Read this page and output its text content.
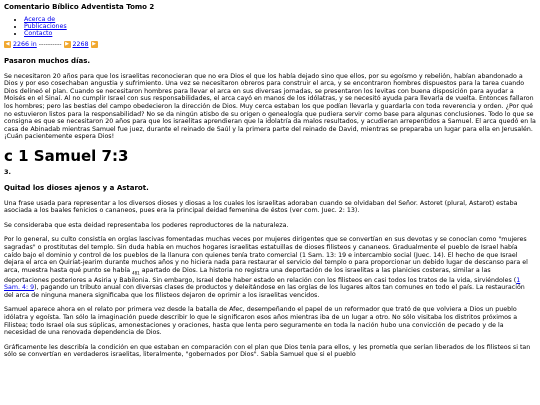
Comentario Bíblico Adventista Tomo 2
• Acerca de
• Publicaciones
• Contacto
◀ 2266 in ---------- ▶ 2268 ▶
Pasaron muchos días.

Se necesitaron 20 años para que los israelitas reconocieran que no era Dios el que los había dejado sino que ellos, por su egoísmo y rebelión, habían abandonado a Dios y por eso cosechaban angustia y sufrimiento. Una vez se necesitaron obreros para construir el arca, y se encontraron hombres dispuestos para la tarea cuando Dios delineó el plan. Cuando se necesitaron hombres para llevar el arca en sus diversas jornadas, se presentaron los levitas con buena disposición para ayudar a Moisés en el Sinaí. Al no cumplir Israel con sus responsabilidades, el arca cayó en manos de los idólatras, y se necesitó ayuda para llevarla de vuelta. Entonces fallaron los hombres; pero las bestias del campo obedecieron la dirección de Dios. Muy cerca estaban los que podían llevarla y guardarla con toda reverencia y orden. ¿Por qué no estuvieron listos para la responsabilidad? No se da ningún atisbo de su origen o genealogía que pudiera servir como base para algunas conclusiones. Todo lo que se consigna es que se necesitaron 20 años para que los israelitas aprendieran que la idolatría da malos resultados, y acudieran arrepentidos a Samuel. El arca quedó en la casa de Abinadab mientras Samuel fue juez, durante el reinado de Saúl y la primera parte del reinado de David, mientras se preparaba un lugar para ella en Jerusalén. ¡Cuán pacientemente espera Dios!

c 1 Samuel 7:3
3.
Quitad los dioses ajenos y a Astarot.

Una frase usada para representar a los diversos dioses y diosas a los cuales los israelitas adoraban cuando se olvidaban del Señor. Astoret (plural, Astarot) estaba asociada a los baales fenicios o cananeos, pues era la principal deidad femenina de éstos (ver com. Juec. 2: 13).

Se consideraba que esta deidad representaba los poderes reproductores de la naturaleza.

Por lo general, su culto consistía en orgías lascivas fomentadas muchas veces por mujeres dirigentes que se convertían en sus devotas y se conocían como "mujeres sagradas" o prostitutas del templo. Sin duda había en muchos hogares israelitas estatuillas de dioses filisteos y cananeos. Gradualmente el pueblo de Israel había caído bajo el dominio y control de los pueblos de la llanura con quienes tenía trato comercial (1 Sam. 13: 19 e intercambio social (Juec. 14). El hecho de que Israel dejara el arca en Quiriat-jearim durante muchos años y no hiciera nada para restaurar el servicio del templo o para proporcionar un debido lugar de descanso para el arca, muestra hasta qué punto se había $_{481}$ apartado de Dios. La historia no registra una deportación de los israelitas a las planicies costeras, similar a las deportaciones posteriores a Asiria y Babilonia. Sin embargo, Israel debe haber estado en relación con los filisteos en casi todos los tratos de la vida, sirviéndoles (1 Sam. 4: 9), pagando un tributo anual con diversas clases de productos y deleitándose en las orgías de los lugares altos tan comunes en todo el país. La restauración del arca de ninguna manera significaba que los filisteos dejaron de oprimir a los israelitas vencidos.

Samuel aparece ahora en el relato por primera vez desde la batalla de Afec, desempeñando el papel de un reformador que trató de que volviera a Dios un pueblo idólatra y egoísta. Tan sólo la imaginación puede describir lo que le significaron esos años mientras iba de un lugar a otro. No sólo visitaba los distritos próximos a Filistea; todo Israel oía sus súplicas, amonestaciones y oraciones, hasta que lenta pero seguramente en toda la nación hubo una convicción de pecado y de la necesidad de una renovada dependencia de Dios.

Gráficamente les describía la condición en que estaban en comparación con el plan que Dios tenía para ellos, y les prometía que serían liberados de los filisteos si tan sólo se convertían en verdaderos israelitas, literalmente, "gobernados por Dios". Sabía Samuel que si el pueblo
